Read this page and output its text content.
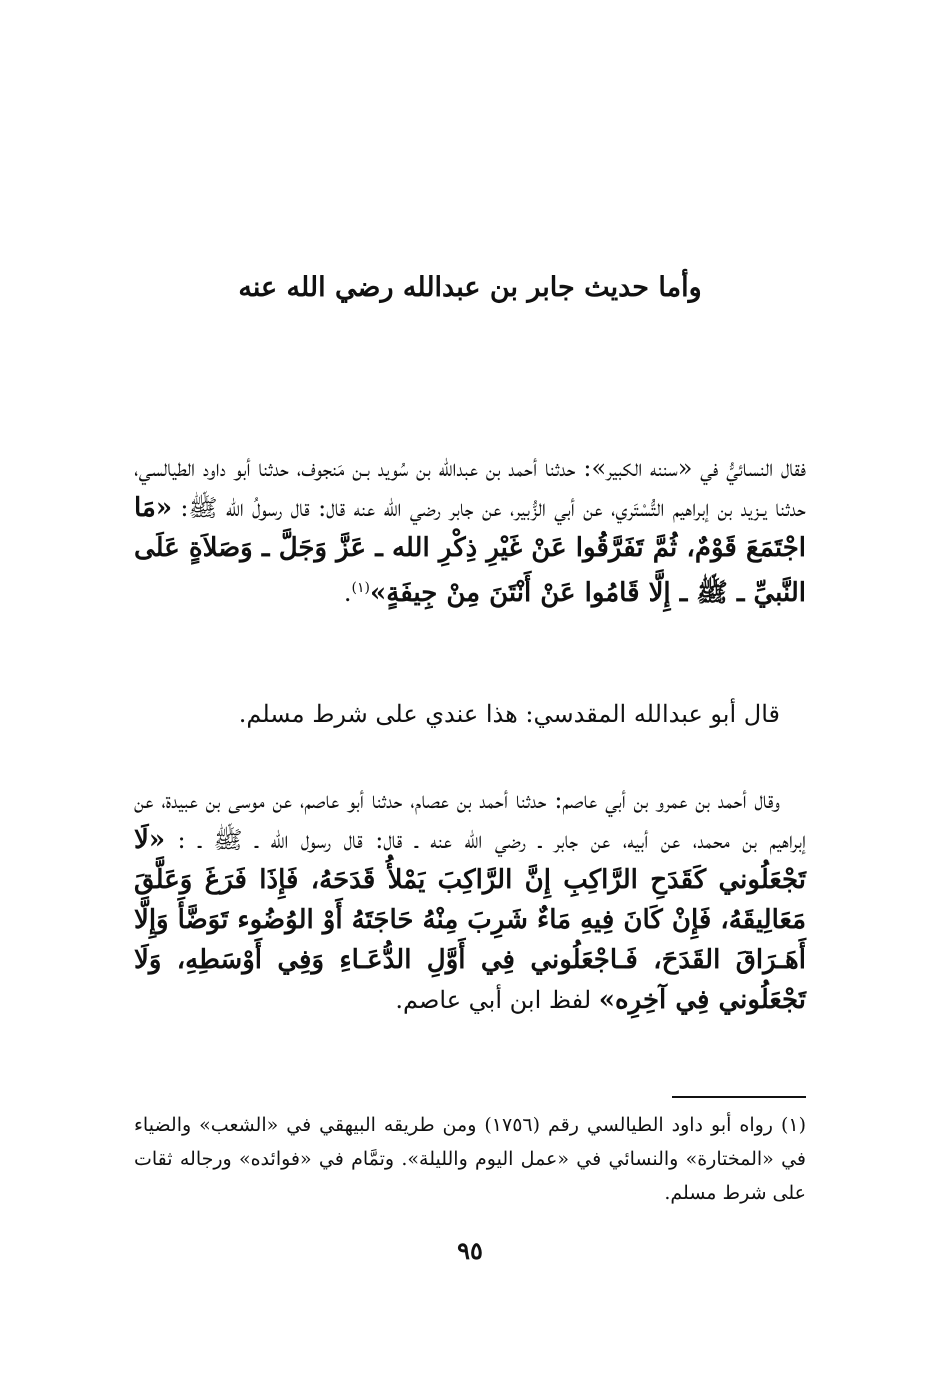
وأما حديث جابر بن عبدالله رضي الله عنه
فقال النسائيُّ في «سننه الكبير»: حدثنا أحمد بن عبدالله بن سُويد بـن مَنجوف، حدثنا أبو داود الطيالسي، حدثنا يـزيد بن إبراهيم التُّسْتَري، عن أبي الزُّبير، عن جابر رضي الله عنه قال: قال رسولُ الله ﷺ: «مَا اجْتَمَعَ قَوْمٌ، ثُمَّ تَفَرَّقُوا عَنْ غَيْرِ ذِكْرِ الله ـ عَزَّ وَجَلَّ ـ وَصَلاَةٍ عَلَى النَّبيِّ ـ ﷺ ـ إِلَّا قَامُوا عَنْ أَنْتَنَ مِنْ جِيفَةٍ»$^{(١)}$.
قال أبو عبدالله المقدسي: هذا عندي على شرط مسلم.
وقال أحمد بن عمرو بن أبي عاصم: حدثنا أحمد بن عصام، حدثنا أبو عاصم، عن موسى بن عبيدة، عن إبراهيم بن محمد، عن أبيه، عن جابر ـ رضي الله عنه ـ قال: قال رسول الله ـ ﷺ ـ : «لَا تَجْعَلُوني كَقَدَحِ الرَّاكِبِ إِنَّ الرَّاكِبَ يَمْلأُ قَدَحَهُ، فَإِذَا فَرَغَ وَعَلَّقَ مَعَالِيقَهُ، فَإِنْ كَانَ فِيهِ مَاءٌ شَرِبَ مِنْهُ حَاجَتَهُ أَوْ الوُضُوء تَوَضَّأَ وَإِلَّا أَهَـرَاقَ القَدَحَ، فَـاجْعَلُوني فِي أَوَّلِ الدُّعَـاءِ وَفِي أَوْسَطِهِ، وَلَا تَجْعَلُوني فِي آخِرِه» لفظ ابن أبي عاصم.
(١) رواه أبو داود الطيالسي رقم (١٧٥٦) ومن طريقه البيهقي في «الشعب» والضياء في «المختارة» والنسائي في «عمل اليوم والليلة». وتمَّام في «فوائده» ورجاله ثقات على شرط مسلم.
٩٥
